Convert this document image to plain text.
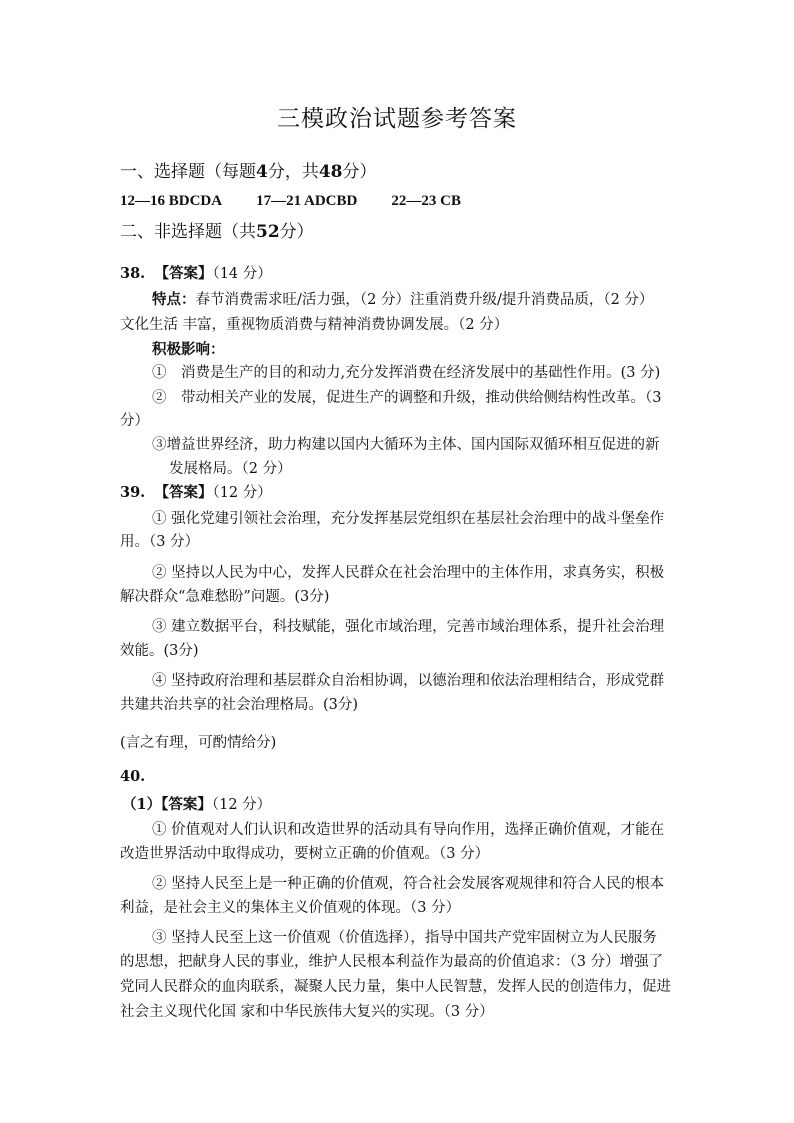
三模政治试题参考答案
一、选择题（每题4分，共48分）
12—16 BDCDA 17—21 ADCBD 22—23 CB
二、非选择题（共52分）
38. 【答案】（14 分）
特点：春节消费需求旺/活力强，（2 分）注重消费升级/提升消费品质，（2 分）
文化生活 丰富，重视物质消费与精神消费协调发展。（2 分）
积极影响：
①　消费是生产的目的和动力,充分发挥消费在经济发展中的基础性作用。(3 分)
②　带动相关产业的发展，促进生产的调整和升级，推动供给侧结构性改革。（3
分）
③增益世界经济，助力构建以国内大循环为主体、国内国际双循环相互促进的新
发展格局。（2 分）
39. 【答案】（12 分）
① 强化党建引领社会治理，充分发挥基层党组织在基层社会治理中的战斗堡垒作
用。（3 分）
② 坚持以人民为中心，发挥人民群众在社会治理中的主体作用，求真务实，积极
解决群众“急难愁盼”问题。(3分)
③ 建立数据平台，科技赋能，强化市域治理，完善市域治理体系，提升社会治理
效能。(3分)
④ 坚持政府治理和基层群众自治相协调，以德治理和依法治理相结合，形成党群
共建共治共享的社会治理格局。(3分)
(言之有理，可酌情给分)
40.
（1）【答案】（12 分）
① 价值观对人们认识和改造世界的活动具有导向作用，选择正确价值观，才能在
改造世界活动中取得成功，要树立正确的价值观。（3 分）
② 坚持人民至上是一种正确的价值观，符合社会发展客观规律和符合人民的根本
利益，是社会主义的集体主义价值观的体现。（3 分）
③ 坚持人民至上这一价值观（价值选择），指导中国共产党牢固树立为人民服务
的思想，把献身人民的事业，维护人民根本利益作为最高的价值追求：（3 分）增强了
党同人民群众的血肉联系，凝聚人民力量，集中人民智慧，发挥人民的创造伟力，促进
社会主义现代化国 家和中华民族伟大复兴的实现。（3 分）
